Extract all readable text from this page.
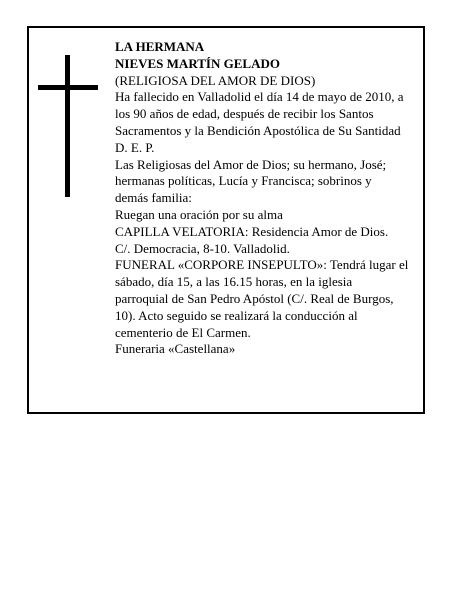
LA HERMANA
NIEVES MARTÍN GELADO
(RELIGIOSA DEL AMOR DE DIOS)
Ha fallecido en Valladolid el día 14 de mayo de 2010, a
los 90 años de edad, después de recibir los Santos
Sacramentos y la Bendición Apostólica de Su Santidad
D. E. P.
Las Religiosas del Amor de Dios; su hermano, José;
hermanas políticas, Lucía y Francisca; sobrinos y
demás familia:
Ruegan una oración por su alma
CAPILLA VELATORIA: Residencia Amor de Dios.
C/. Democracia, 8-10. Valladolid.
FUNERAL «CORPORE INSEPULTO»: Tendrá lugar el
sábado, día 15, a las 16.15 horas, en la iglesia
parroquial de San Pedro Apóstol (C/. Real de Burgos,
10). Acto seguido se realizará la conducción al
cementerio de El Carmen.
Funeraria «Castellana»
